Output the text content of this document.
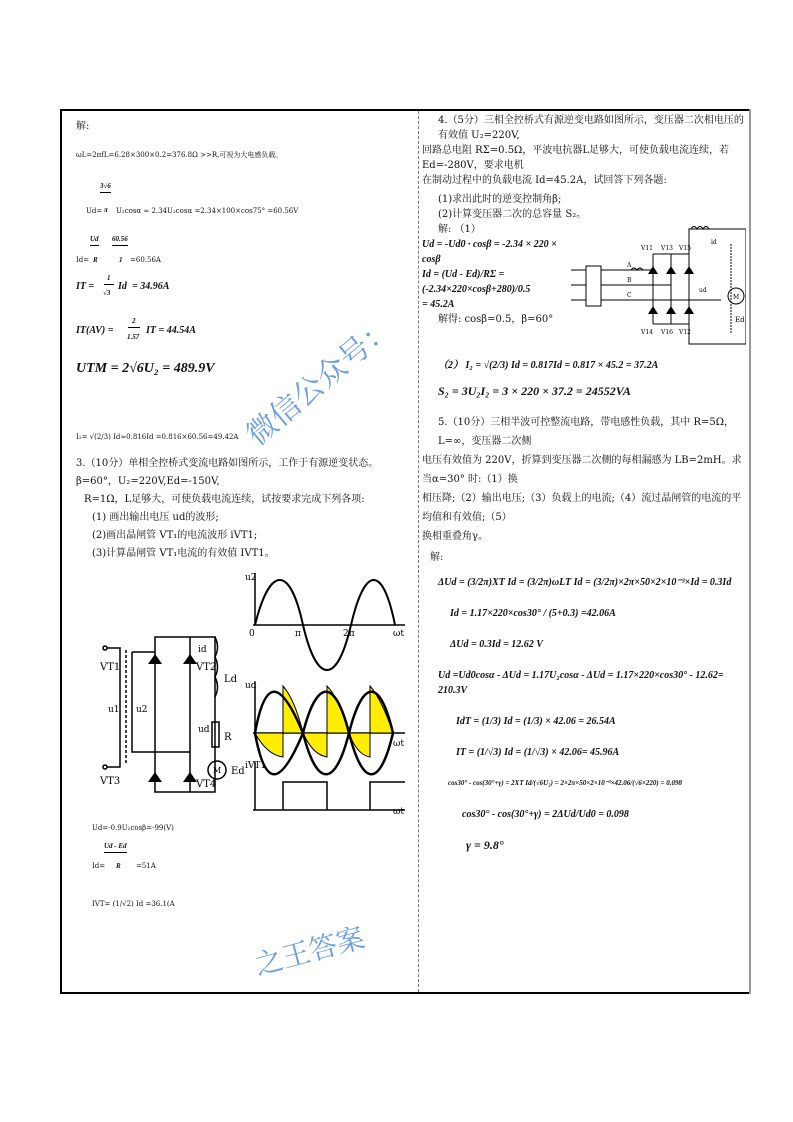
解:
ωL=2πfL=6.28×300×0.2=376.8Ω >>R,可视为大电感负载。
3√6
Ud= π U₂cosα ≈ 2.34U₂cosα =2.34×100×cos75° =60.56V
Ud 60.56
Id= R	1 =60.56A
IT =
1
√3
Id = 34.96A
IT(AV) =
2
1.57
IT = 44.54A
UTM = 2√6U₂ = 489.9V
I₂= √(2/3) Id≈0.816Id =0.816×60.56=49.42A

3.（10分）单相全控桥式变流电路如图所示，工作于有源逆变状态。β=60°，U₂=220V,Ed=-150V,

R=1Ω，L足够大，可使负载电流连续，试按要求完成下列各项:

(1) 画出输出电压 ud的波形;

(2)画出晶闸管 VT₁的电流波形 iVT1;

(3)计算晶闸管 VT₁电流的有效值 IVT1。

VT1	VT2
VT3	VT4
u1 u2
id
ud
Ld
R
M Ed
u2
0	π	2π	ωt
ud
ωt
iVT1
ωt
Ud=-0.9U₂cosβ=-99(V)
Ud - Ed
Id= R =51A
IVT= (1/√2) Id =36.1(A

4.（5分）三相全控桥式有源逆变电路如图所示，变压器二次相电压的有效值 U₂=220V,

回路总电阻 RΣ=0.5Ω，平波电抗器L足够大，可使负载电流连续，若 Ed=-280V，要求电机

在制动过程中的负载电流 Id=45.2A，试回答下列各题:

(1)求出此时的逆变控制角β;

(2)计算变压器二次的总容量 S₂。

V11 V13 V15
V14 V16 V12
A
B
C
ud
id
M
Ed

解: （1）

Ud = -Ud0 · cosβ = -2.34 × 220 × cosβ

Id = (Ud - Ed)/RΣ = (-2.34×220×cosβ+280)/0.5

= 45.2A

解得: cosβ=0.5，β=60°

（2） I₂ = √(2/3) Id = 0.817Id = 0.817 × 45.2 = 37.2A

S₂ = 3U₂I₂ = 3 × 220 × 37.2 = 24552VA

5.（10分）三相半波可控整流电路，带电感性负载，其中 R=5Ω，L=∞，变压器二次侧

电压有效值为 220V，折算到变压器二次侧的每相漏感为 LB=2mH。求当α=30° 时:（1）换

相压降;（2）输出电压;（3）负载上的电流;（4）流过晶闸管的电流的平均值和有效值;（5）

换相重叠角γ。

解:

ΔUd = (3/2π)XT Id = (3/2π)ωLT Id = (3/2π)×2π×50×2×10⁻³×Id = 0.3Id

Id = 1.17×220×cos30° / (5+0.3) =42.06A

ΔUd = 0.3Id = 12.62 V

Ud =Ud0cosα - ΔUd = 1.17U₂cosα - ΔUd = 1.17×220×cos30° - 12.62= 210.3V

IdT = (1/3) Id = (1/3) × 42.06 = 26.54A

IT = (1/√3) Id = (1/√3) × 42.06= 45.96A

cos30° - cos(30°+γ) = 2XT Id/(√6U₂) = 2×2π×50×2×10⁻³×42.06/(√6×220) = 0.098

cos30° - cos(30°+γ) = 2ΔUd/Ud0 = 0.098

γ = 9.8°

微信公众号：
之王答案
